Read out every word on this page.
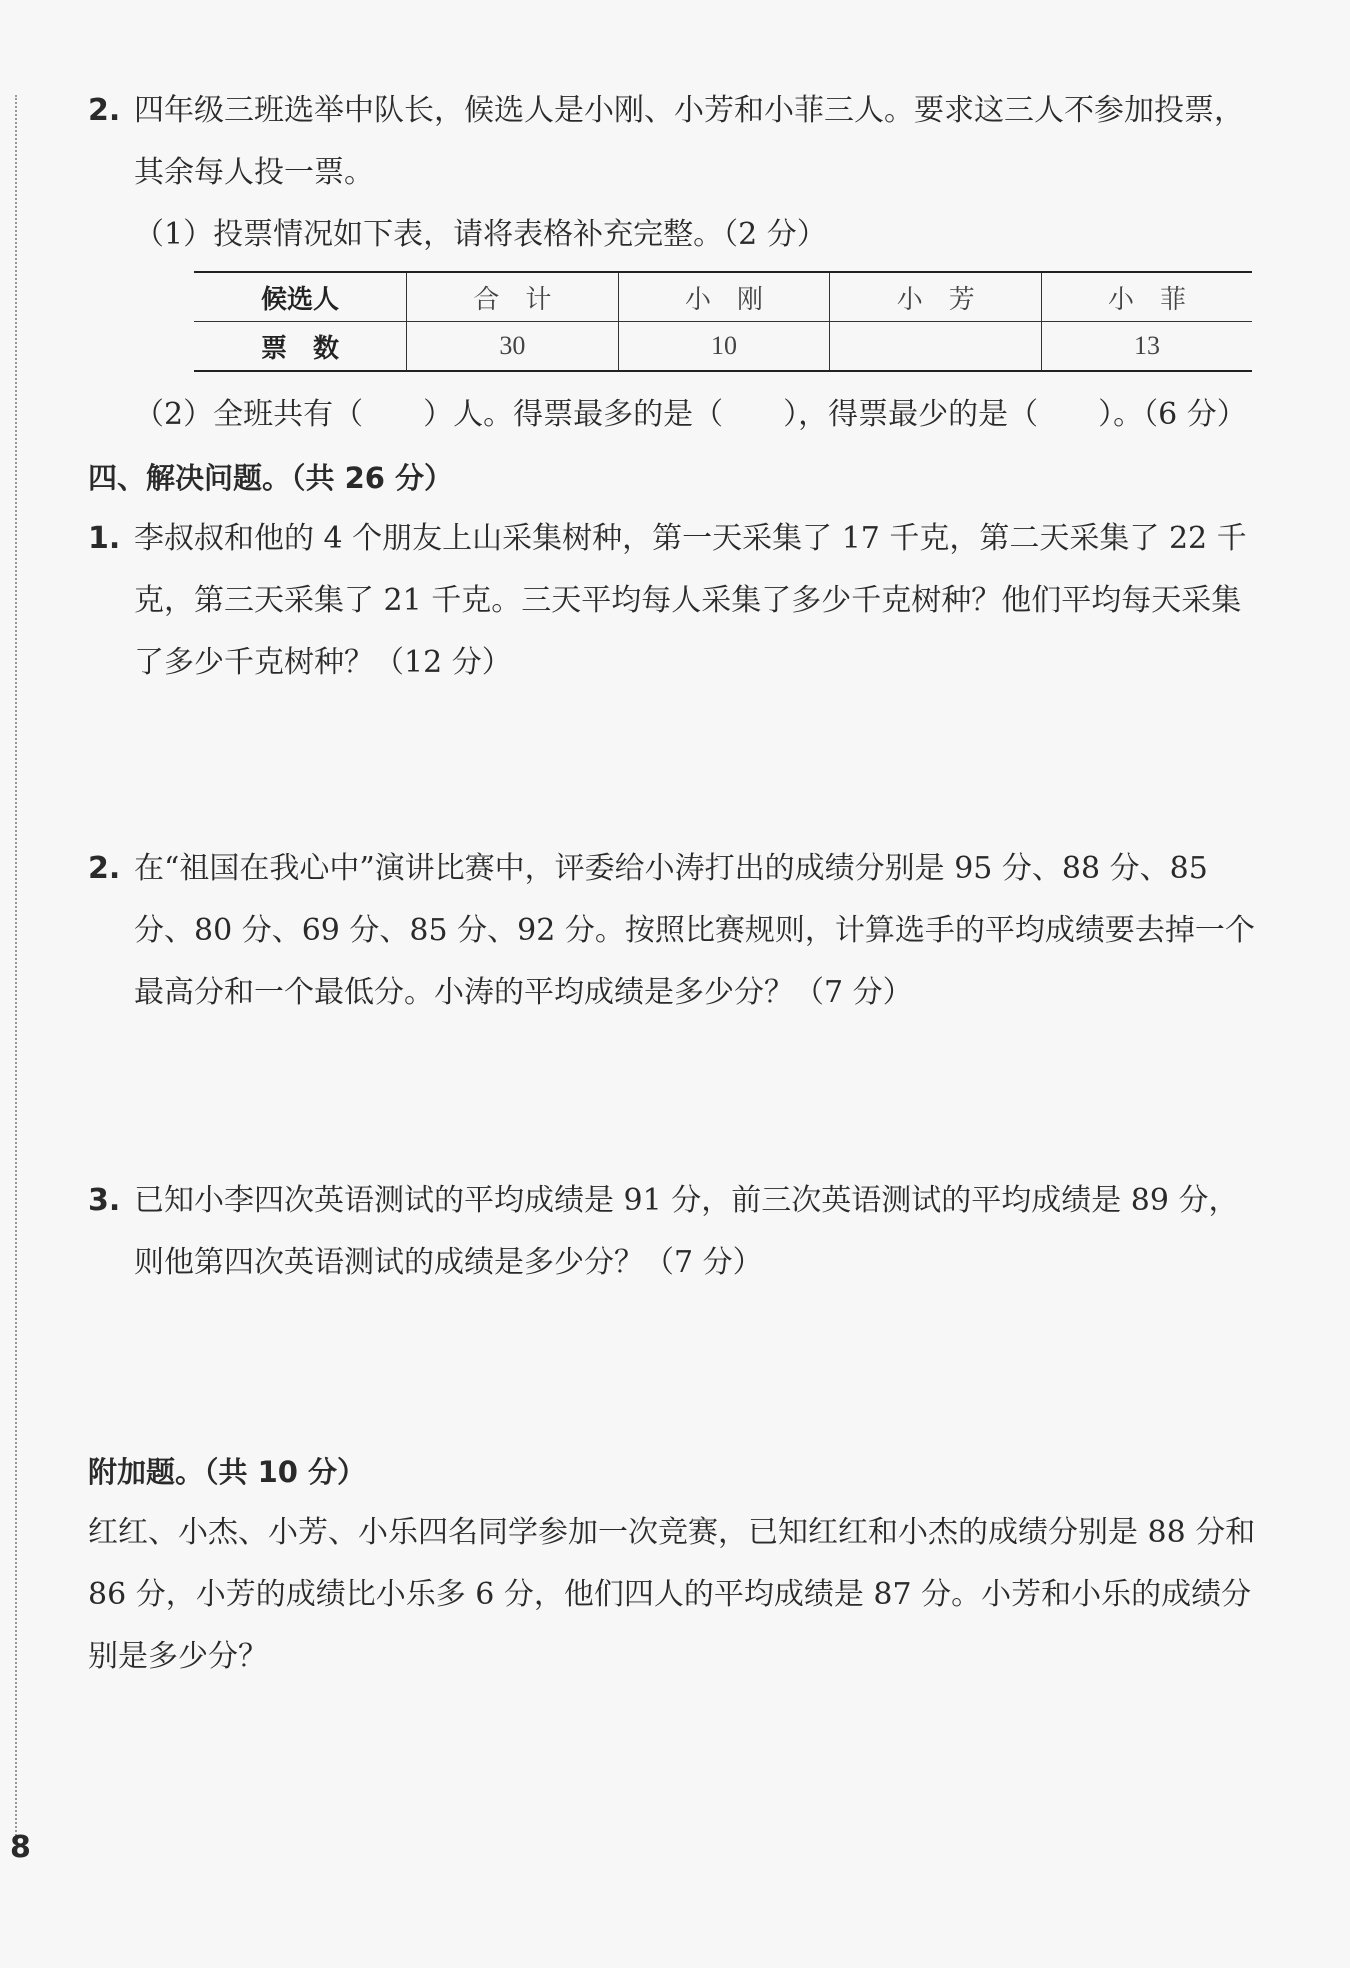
2. 四年级三班选举中队长，候选人是小刚、小芳和小菲三人。要求这三人不参加投票，其余每人投一票。
（1）投票情况如下表，请将表格补充完整。（2 分）
候选人	合　计	小　刚	小　芳	小　菲
票　数	30	10		13
（2）全班共有（　　）人。得票最多的是（　　），得票最少的是（　　）。（6 分）
四、解决问题。（共 26 分）
1. 李叔叔和他的 4 个朋友上山采集树种，第一天采集了 17 千克，第二天采集了 22 千克，第三天采集了 21 千克。三天平均每人采集了多少千克树种？他们平均每天采集了多少千克树种？（12 分）
2. 在“祖国在我心中”演讲比赛中，评委给小涛打出的成绩分别是 95 分、88 分、85 分、80 分、69 分、85 分、92 分。按照比赛规则，计算选手的平均成绩要去掉一个最高分和一个最低分。小涛的平均成绩是多少分？（7 分）
3. 已知小李四次英语测试的平均成绩是 91 分，前三次英语测试的平均成绩是 89 分，则他第四次英语测试的成绩是多少分？（7 分）
附加题。（共 10 分）
红红、小杰、小芳、小乐四名同学参加一次竞赛，已知红红和小杰的成绩分别是 88 分和 86 分，小芳的成绩比小乐多 6 分，他们四人的平均成绩是 87 分。小芳和小乐的成绩分别是多少分？
8
